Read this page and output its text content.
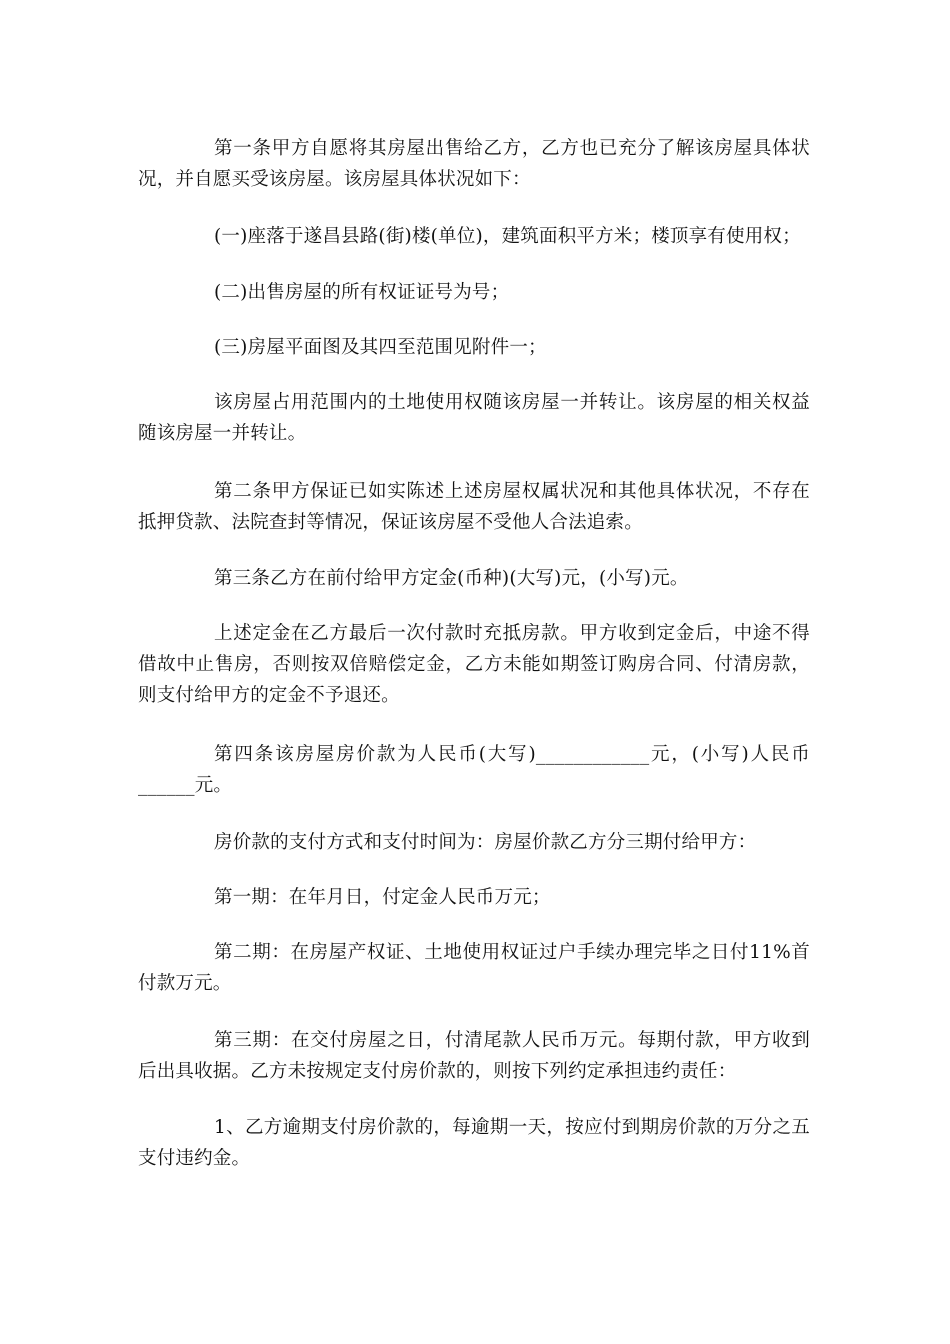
第一条甲方自愿将其房屋出售给乙方，乙方也已充分了解该房屋具体状况，并自愿买受该房屋。该房屋具体状况如下：

(一)座落于遂昌县路(街)楼(单位)，建筑面积平方米；楼顶享有使用权；

(二)出售房屋的所有权证证号为号；

(三)房屋平面图及其四至范围见附件一；

该房屋占用范围内的土地使用权随该房屋一并转让。该房屋的相关权益随该房屋一并转让。

第二条甲方保证已如实陈述上述房屋权属状况和其他具体状况，不存在抵押贷款、法院查封等情况，保证该房屋不受他人合法追索。

第三条乙方在前付给甲方定金(币种)(大写)元，(小写)元。

上述定金在乙方最后一次付款时充抵房款。甲方收到定金后，中途不得借故中止售房，否则按双倍赔偿定金，乙方未能如期签订购房合同、付清房款，则支付给甲方的定金不予退还。

第四条该房屋房价款为人民币(大写)____________元，(小写)人民币______元。

房价款的支付方式和支付时间为：房屋价款乙方分三期付给甲方：

第一期：在年月日，付定金人民币万元；

第二期：在房屋产权证、土地使用权证过户手续办理完毕之日付11%首付款万元。

第三期：在交付房屋之日，付清尾款人民币万元。每期付款，甲方收到后出具收据。乙方未按规定支付房价款的，则按下列约定承担违约责任：

1、乙方逾期支付房价款的，每逾期一天，按应付到期房价款的万分之五支付违约金。
